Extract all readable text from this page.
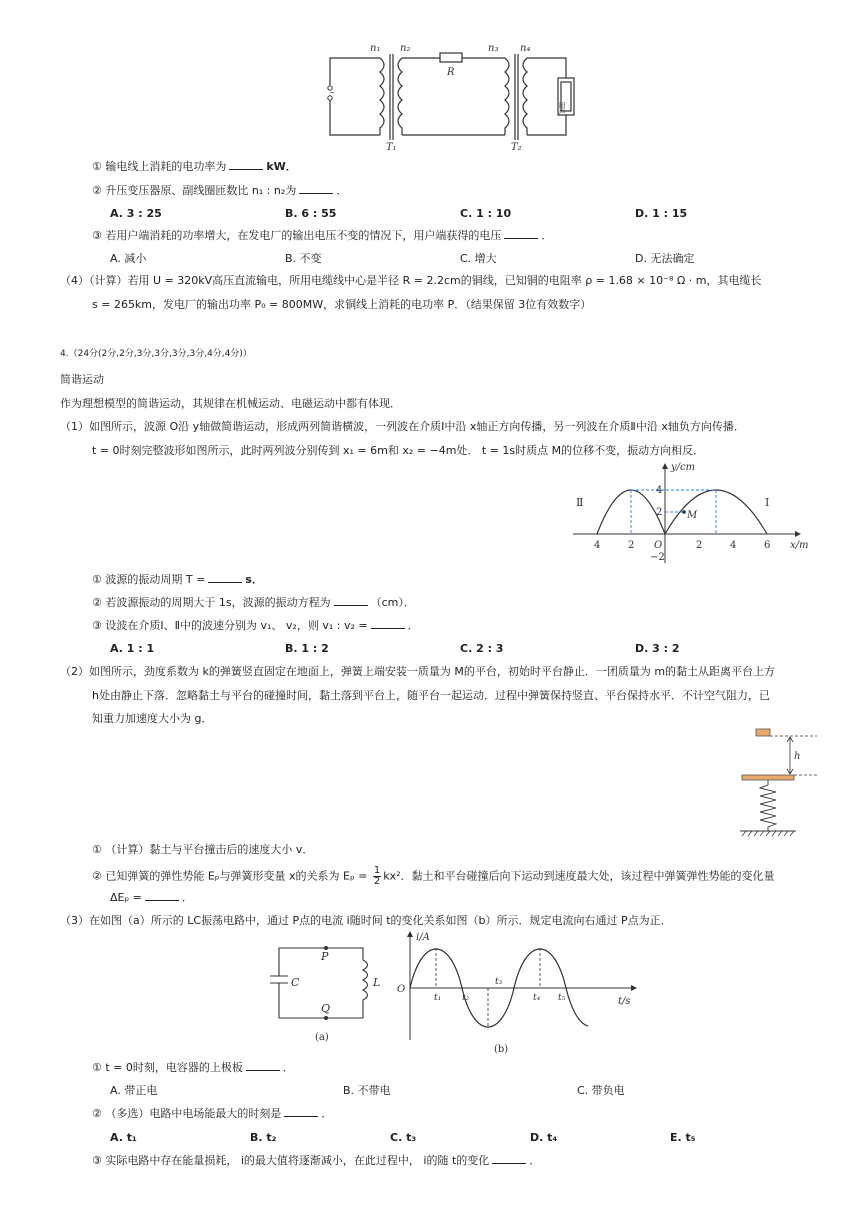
~
n₁ n₂
R
n₃ n₄
T₁	T₂
用户
① 输电线上消耗的电功率为	kW．
② 升压变压器原、副线圈匝数比 n₁ : n₂为	．
A. 3 : 25	B. 6 : 55	C. 1 : 10	D. 1 : 15
③ 若用户端消耗的功率增大，在发电厂的输出电压不变的情况下，用户端获得的电压	．
A. 减小	B. 不变	C. 增大	D. 无法确定
（4）（计算）若用 U = 320kV高压直流输电，所用电缆线中心是半径 R = 2.2cm的铜线，已知铜的电阻率 ρ = 1.68 × 10⁻⁸ Ω · m，其电缆长
s = 265km，发电厂的输出功率 P₀ = 800MW，求铜线上消耗的电功率 P．（结果保留 3位有效数字）
4.（24分(2分,2分,3分,3分,3分,3分,4分,4分)）
简谐运动
作为理想模型的简谐运动，其规律在机械运动、电磁运动中都有体现．
（1）如图所示，波源 O沿 y轴做简谐运动，形成两列简谐横波，一列波在介质Ⅰ中沿 x轴正方向传播，另一列波在介质Ⅱ中沿 x轴负方向传播．
t = 0时刻完整波形如图所示，此时两列波分别传到 x₁ = 6m和 x₂ = −4m处． t = 1s时质点 M的位移不变，振动方向相反．
Ⅱ	Ⅰ
y/cm
x/m
O
M
4	2	2	4	6
4
2
−2
① 波源的振动周期 T =	s．
② 若波源振动的周期大于 1s，波源的振动方程为	（cm）．
③ 设波在介质Ⅰ、Ⅱ中的波速分别为 v₁、 v₂，则 v₁ : v₂ =	．
A. 1 : 1	B. 1 : 2	C. 2 : 3	D. 3 : 2
（2）如图所示，劲度系数为 k的弹簧竖直固定在地面上，弹簧上端安装一质量为 M的平台，初始时平台静止．一团质量为 m的黏土从距离平台上方
h处由静止下落．忽略黏土与平台的碰撞时间，黏土落到平台上，随平台一起运动．过程中弹簧保持竖直、平台保持水平．不计空气阻力，已
知重力加速度大小为 g．
h
① （计算）黏土与平台撞击后的速度大小 v．
② 已知弹簧的弹性势能 Eₚ与弹簧形变量 x的关系为 $E_p = \frac{1}{2} kx^2$．黏土和平台碰撞后向下运动到速度最大处，该过程中弹簧弹性势能的变化量
ΔEₚ =	．
（3）在如图（a）所示的 LC振荡电路中，通过 P点的电流 i随时间 t的变化关系如图（b）所示．规定电流向右通过 P点为正．
P
Q
C	L
(a)
i/A
t/s
O
t₁ t₂
t₃
t₄ t₅
(b)
① t = 0时刻，电容器的上极板	．
A. 带正电	B. 不带电	C. 带负电
② （多选）电路中电场能最大的时刻是	．
A. t₁	B. t₂	C. t₃	D. t₄	E. t₅
③ 实际电路中存在能量损耗， i的最大值将逐渐减小，在此过程中， i的随 t的变化	．
